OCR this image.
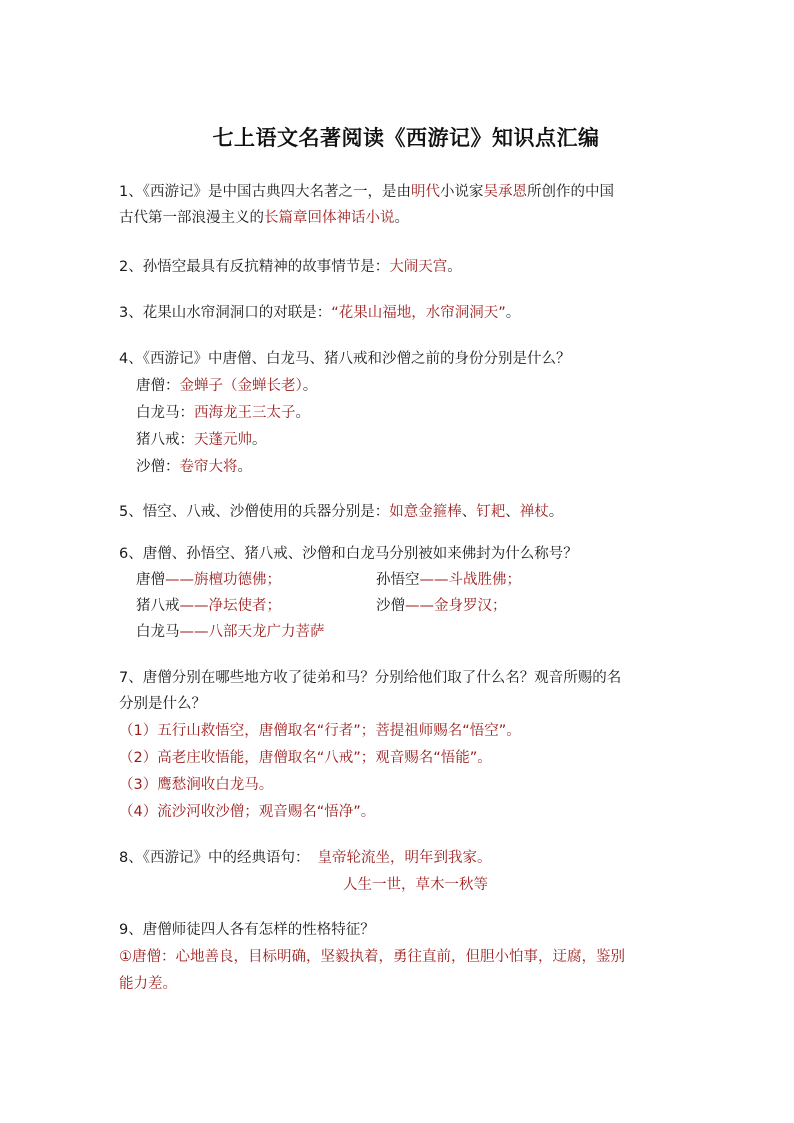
七上语文名著阅读《西游记》知识点汇编
1、《西游记》是中国古典四大名著之一，是由明代小说家吴承恩所创作的中国
古代第一部浪漫主义的长篇章回体神话小说。
2、孙悟空最具有反抗精神的故事情节是：大闹天宫。
3、花果山水帘洞洞口的对联是：“花果山福地，水帘洞洞天”。
4、《西游记》中唐僧、白龙马、猪八戒和沙僧之前的身份分别是什么？
唐僧：金蝉子（金蝉长老）。
白龙马：西海龙王三太子。
猪八戒：天蓬元帅。
沙僧：卷帘大将。
5、悟空、八戒、沙僧使用的兵器分别是：如意金箍棒、钉耙、禅杖。
6、唐僧、孙悟空、猪八戒、沙僧和白龙马分别被如来佛封为什么称号？
唐僧——旃檀功德佛；	孙悟空——斗战胜佛；
猪八戒——净坛使者；	沙僧——金身罗汉；
白龙马——八部天龙广力菩萨
7、唐僧分别在哪些地方收了徒弟和马？分别给他们取了什么名？观音所赐的名
分别是什么？
（1）五行山救悟空，唐僧取名“行者”；菩提祖师赐名“悟空”。
（2）高老庄收悟能，唐僧取名“八戒”；观音赐名“悟能”。
（3）鹰愁涧收白龙马。
（4）流沙河收沙僧；观音赐名“悟净”。
8、《西游记》中的经典语句： 皇帝轮流坐，明年到我家。
人生一世，草木一秋等
9、唐僧师徒四人各有怎样的性格特征？
①唐僧：心地善良，目标明确，坚毅执着，勇往直前，但胆小怕事，迂腐，鉴别
能力差。
